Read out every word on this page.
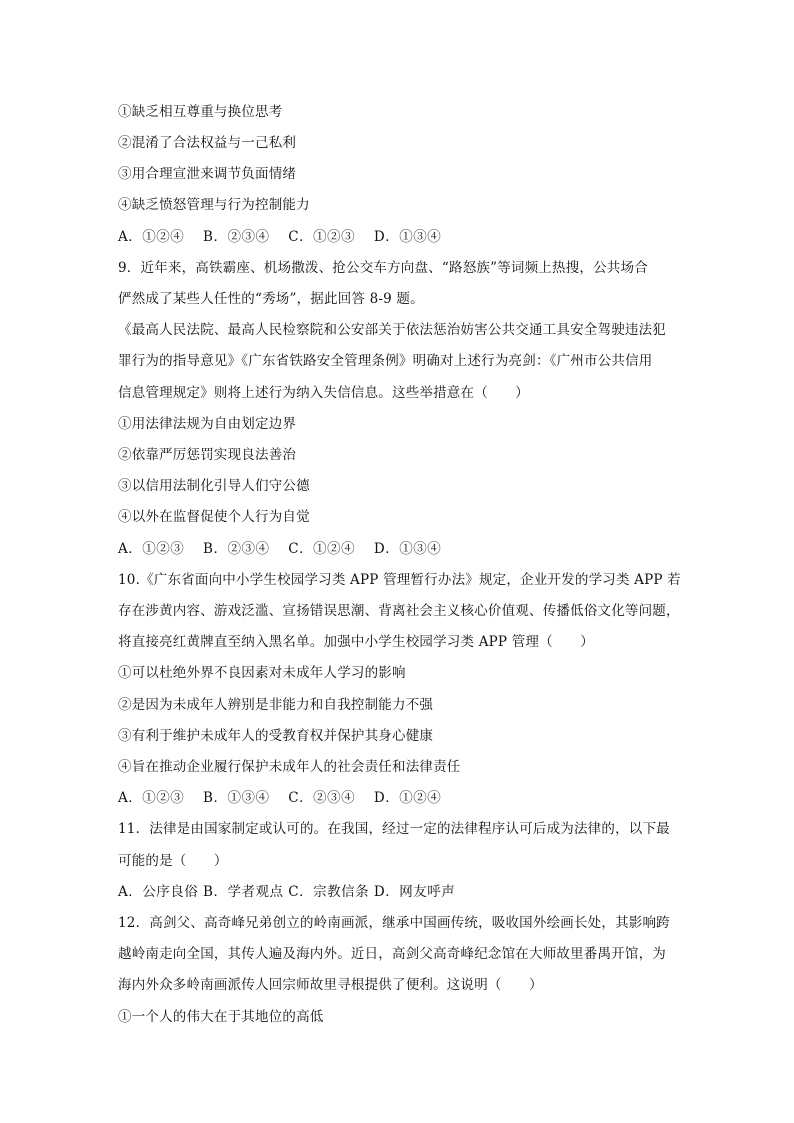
①缺乏相互尊重与换位思考
②混淆了合法权益与一己私利
③用合理宣泄来调节负面情绪
④缺乏愤怒管理与行为控制能力
A．①②④　 B．②③④　 C．①②③　 D．①③④
9．近年来，高铁霸座、机场撒泼、抢公交车方向盘、“路怒族”等词频上热搜，公共场合
俨然成了某些人任性的“秀场”，据此回答 8-9 题。
《最高人民法院、最高人民检察院和公安部关于依法惩治妨害公共交通工具安全驾驶违法犯
罪行为的指导意见》《广东省铁路安全管理条例》明确对上述行为亮剑：《广州市公共信用
信息管理规定》则将上述行为纳入失信信息。这些举措意在（　　）
①用法律法规为自由划定边界
②依靠严厉惩罚实现良法善治
③以信用法制化引导人们守公德
④以外在监督促使个人行为自觉
A．①②③　 B．②③④　 C．①②④　 D．①③④
10.《广东省面向中小学生校园学习类 APP 管理暂行办法》规定，企业开发的学习类 APP 若
存在涉黄内容、游戏泛滥、宣扬错误思潮、背离社会主义核心价值观、传播低俗文化等问题，
将直接亮红黄牌直至纳入黑名单。加强中小学生校园学习类 APP 管理（　　）
①可以杜绝外界不良因素对未成年人学习的影响
②是因为未成年人辨别是非能力和自我控制能力不强
③有利于维护未成年人的受教育权并保护其身心健康
④旨在推动企业履行保护未成年人的社会责任和法律责任
A．①②③　 B．①③④　 C．②③④　 D．①②④
11．法律是由国家制定或认可的。在我国，经过一定的法律程序认可后成为法律的，以下最
可能的是（　　）
A．公序良俗 B．学者观点 C．宗教信条 D．网友呼声
12．高剑父、高奇峰兄弟创立的岭南画派，继承中国画传统，吸收国外绘画长处，其影响跨
越岭南走向全国，其传人遍及海内外。近日，高剑父高奇峰纪念馆在大师故里番禺开馆，为
海内外众多岭南画派传人回宗师故里寻根提供了便利。这说明（　　）
①一个人的伟大在于其地位的高低
